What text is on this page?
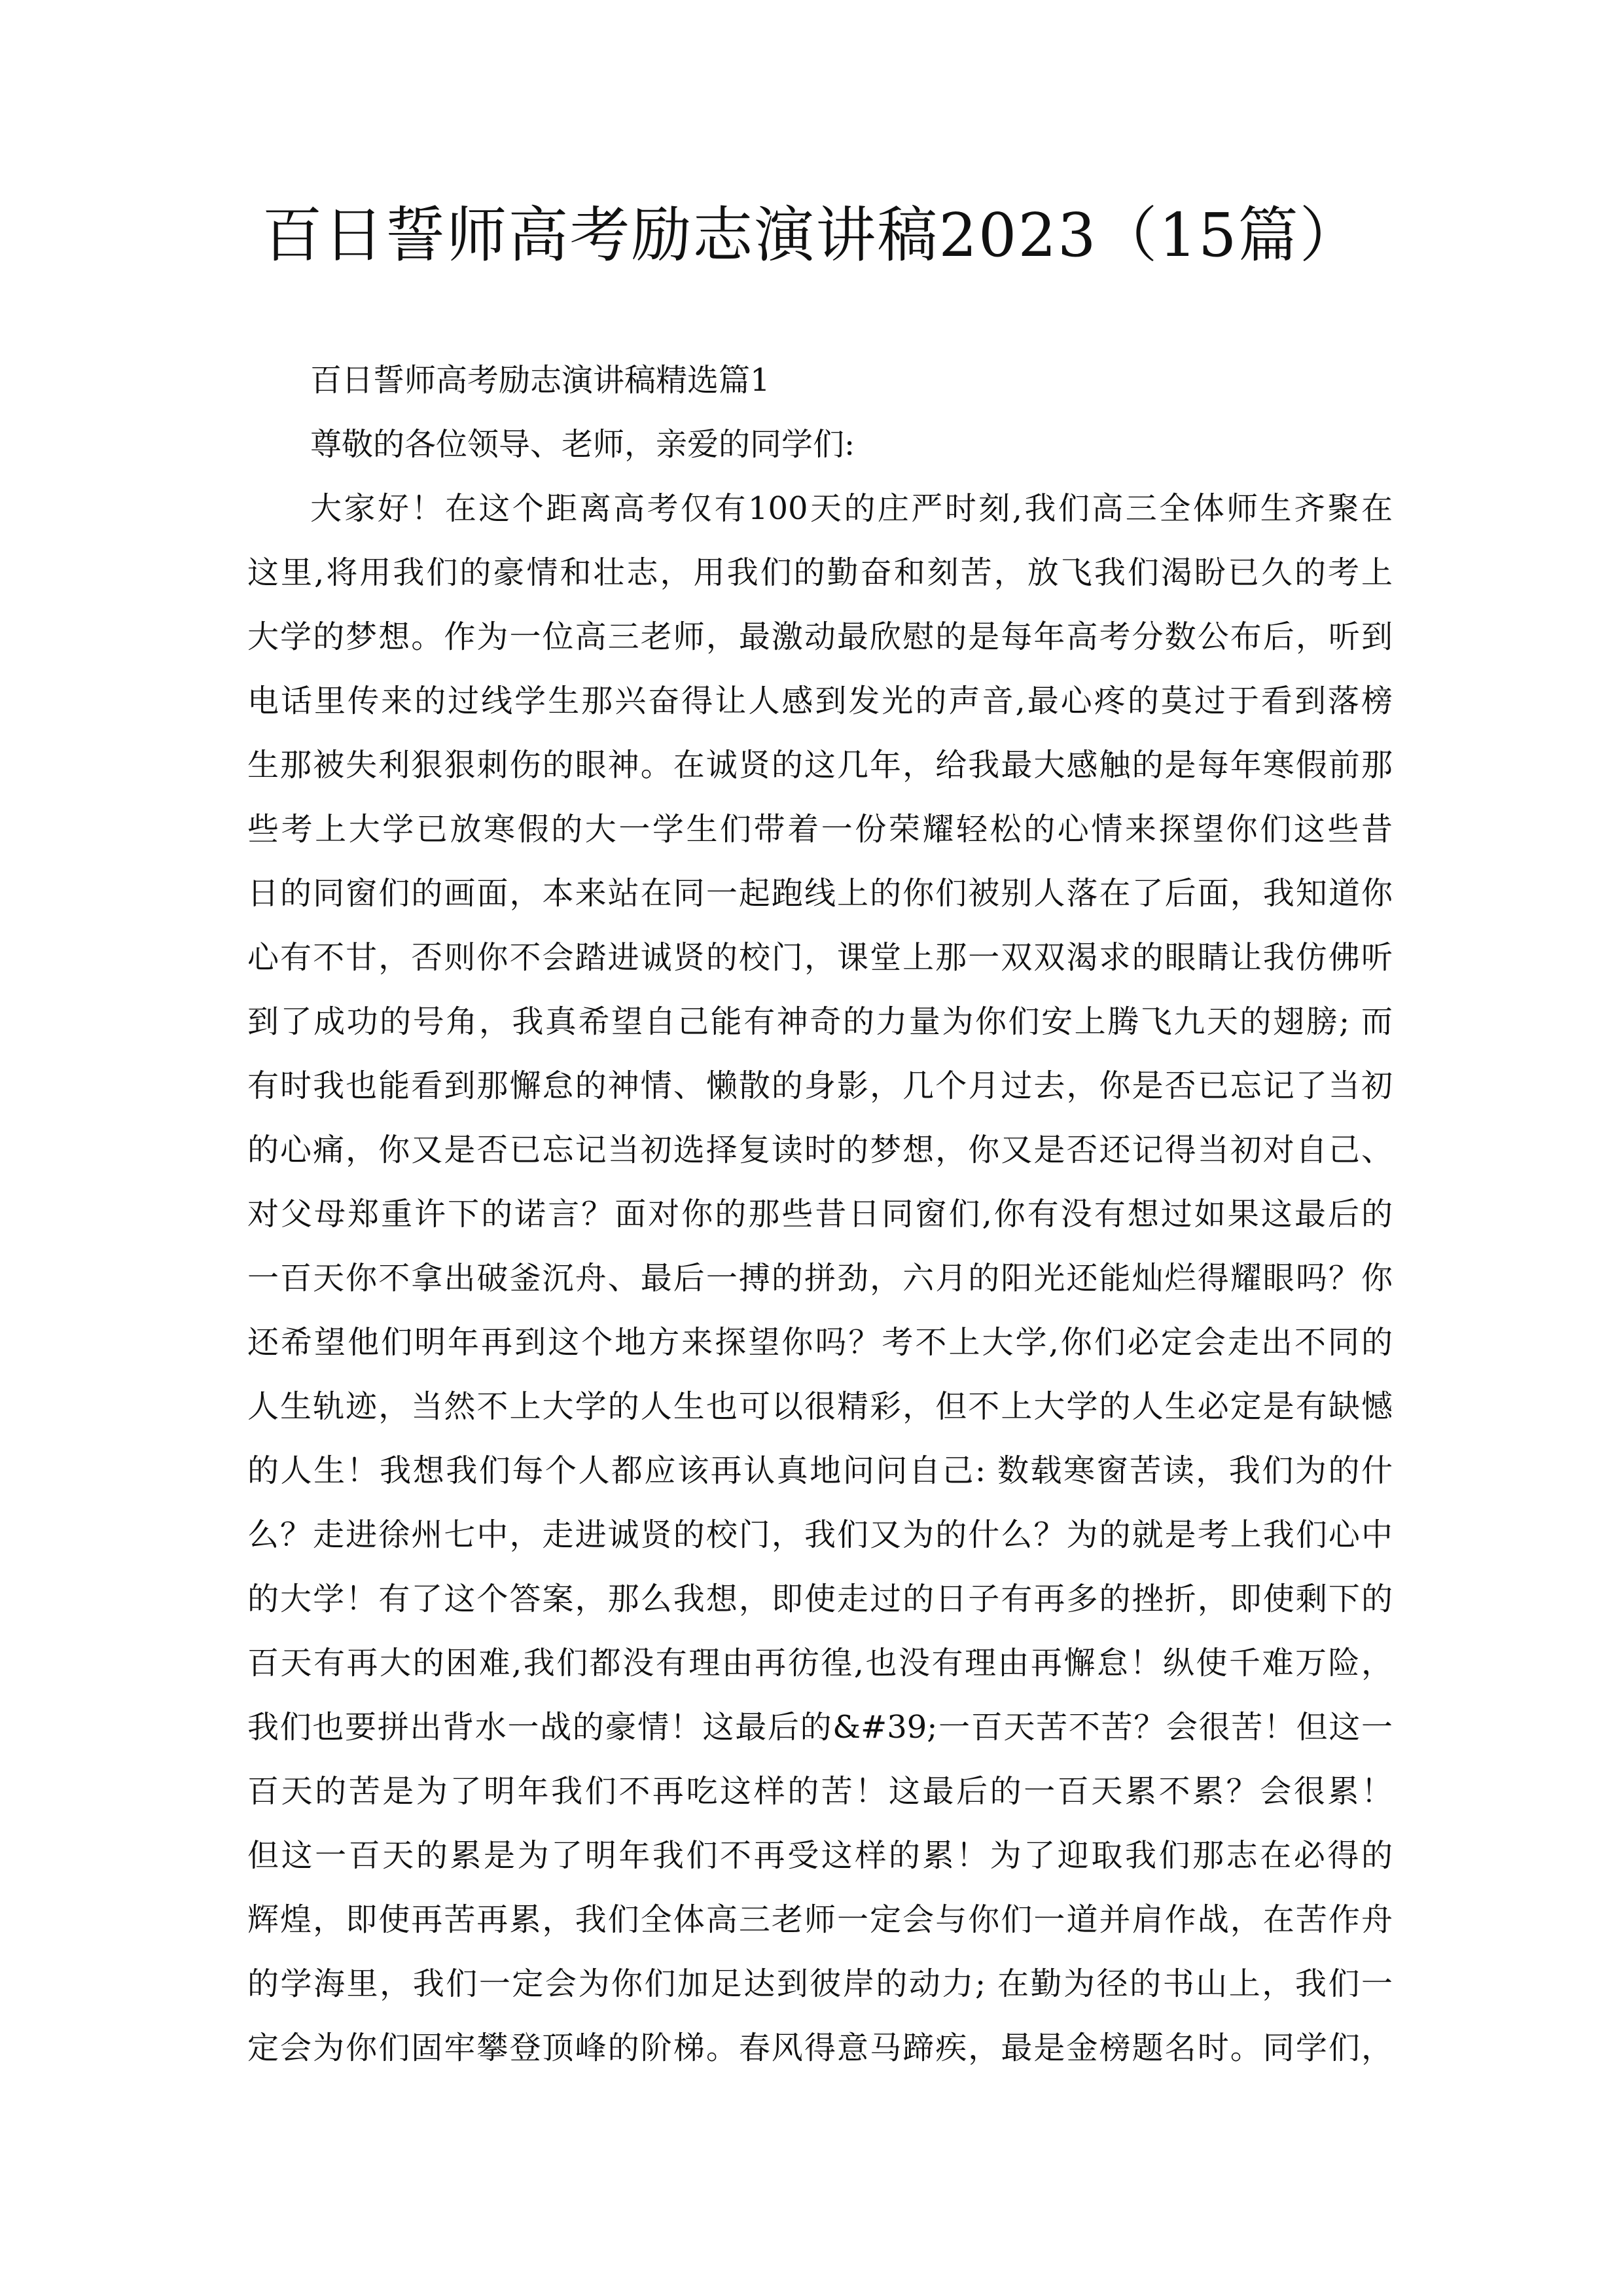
百日誓师高考励志演讲稿2023（15篇）
百日誓师高考励志演讲稿精选篇1
尊敬的各位领导、老师，亲爱的同学们:
大家好！在这个距离高考仅有100天的庄严时刻,我们高三全体师生齐聚在
这里,将用我们的豪情和壮志，用我们的勤奋和刻苦，放飞我们渴盼已久的考上
大学的梦想。作为一位高三老师，最激动最欣慰的是每年高考分数公布后，听到
电话里传来的过线学生那兴奋得让人感到发光的声音,最心疼的莫过于看到落榜
生那被失利狠狠刺伤的眼神。在诚贤的这几年，给我最大感触的是每年寒假前那
些考上大学已放寒假的大一学生们带着一份荣耀轻松的心情来探望你们这些昔
日的同窗们的画面，本来站在同一起跑线上的你们被别人落在了后面，我知道你
心有不甘，否则你不会踏进诚贤的校门，课堂上那一双双渴求的眼睛让我仿佛听
到了成功的号角，我真希望自己能有神奇的力量为你们安上腾飞九天的翅膀; 而
有时我也能看到那懈怠的神情、懒散的身影，几个月过去，你是否已忘记了当初
的心痛，你又是否已忘记当初选择复读时的梦想，你又是否还记得当初对自己、
对父母郑重许下的诺言？面对你的那些昔日同窗们,你有没有想过如果这最后的
一百天你不拿出破釜沉舟、最后一搏的拼劲，六月的阳光还能灿烂得耀眼吗？你
还希望他们明年再到这个地方来探望你吗？考不上大学,你们必定会走出不同的
人生轨迹，当然不上大学的人生也可以很精彩，但不上大学的人生必定是有缺憾
的人生！我想我们每个人都应该再认真地问问自己: 数载寒窗苦读，我们为的什
么？走进徐州七中，走进诚贤的校门，我们又为的什么？为的就是考上我们心中
的大学！有了这个答案，那么我想，即使走过的日子有再多的挫折，即使剩下的
百天有再大的困难,我们都没有理由再彷徨,也没有理由再懈怠！纵使千难万险，
我们也要拼出背水一战的豪情！这最后的&#39;一百天苦不苦？会很苦！但这一
百天的苦是为了明年我们不再吃这样的苦！这最后的一百天累不累？会很累！
但这一百天的累是为了明年我们不再受这样的累！为了迎取我们那志在必得的
辉煌，即使再苦再累，我们全体高三老师一定会与你们一道并肩作战，在苦作舟
的学海里，我们一定会为你们加足达到彼岸的动力; 在勤为径的书山上，我们一
定会为你们固牢攀登顶峰的阶梯。春风得意马蹄疾，最是金榜题名时。同学们，
